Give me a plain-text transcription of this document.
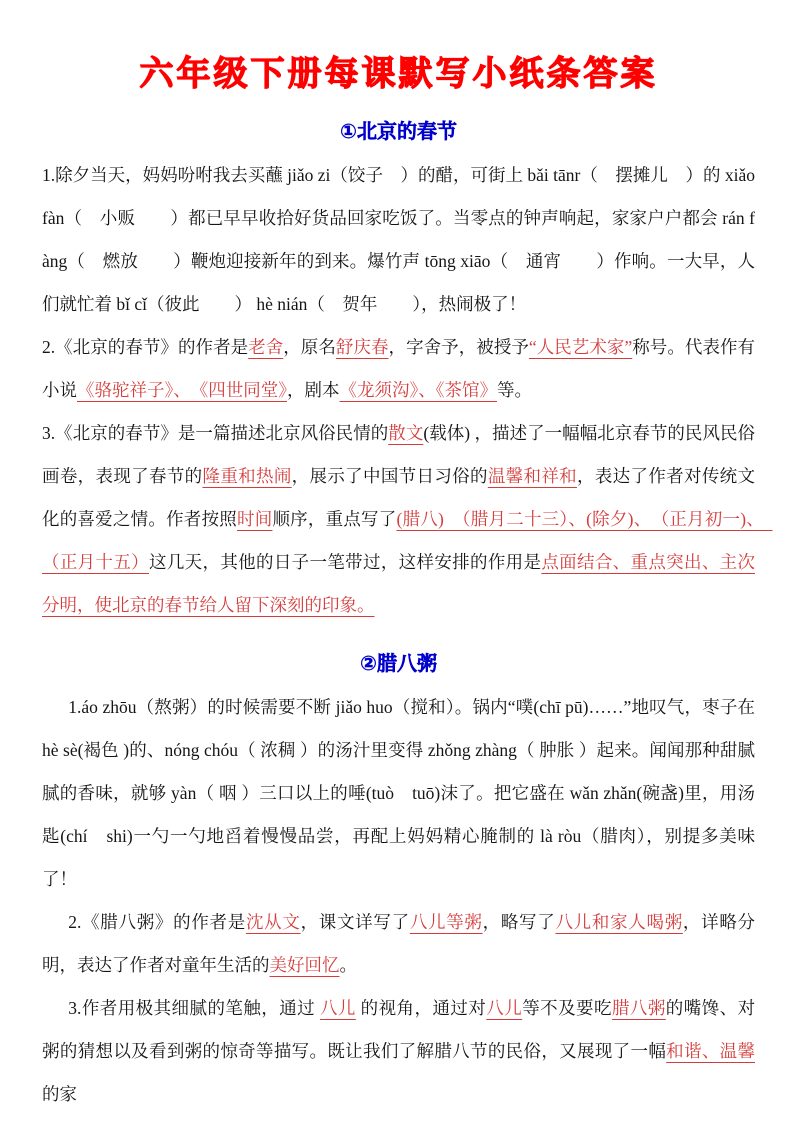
六年级下册每课默写小纸条答案
①北京的春节

1.除夕当天，妈妈吩咐我去买蘸 jiǎo zi（饺子　）的醋，可街上 bǎi tānr（　摆摊儿　）的 xiǎo fàn（　小贩　　）都已早早收拾好货品回家吃饭了。当零点的钟声响起，家家户户都会 rán fàng（　燃放　　）鞭炮迎接新年的到来。爆竹声 tōng xiāo（　通宵　　）作响。一大早，人们就忙着 bǐ cǐ（彼此　　） hè nián（　贺年　　），热闹极了！

2.《北京的春节》的作者是老舍，原名舒庆春，字舍予，被授予“人民艺术家”称号。代表作有小说《骆驼祥子》、　《四世同堂》，剧本《龙须沟》、《茶馆》等。

3.《北京的春节》是一篇描述北京风俗民情的散文(载体) ，描述了一幅幅北京春节的民风民俗画卷，表现了春节的隆重和热闹，展示了中国节日习俗的温馨和祥和，表达了作者对传统文化的喜爱之情。作者按照时间顺序，重点写了(腊八)　（腊月二十三）、(除夕)、　（正月初一)、　（正月十五）这几天，其他的日子一笔带过，这样安排的作用是点面结合、重点突出、主次分明，使北京的春节给人留下深刻的印象。

②腊八粥

1.áo zhōu（熬粥）的时候需要不断 jiǎo huo（搅和）。锅内“噗(chī pū)……”地叹气，枣子在 hè sè(褐色 )的、nóng chóu（ 浓稠 ）的汤汁里变得 zhǒng zhàng（ 肿胀 ）起来。闻闻那种甜腻腻的香味，就够 yàn（ 咽 ）三口以上的唾(tuò　tuō)沫了。把它盛在 wǎn zhǎn(碗盏)里，用汤匙(chí　shi)一勺一勺地舀着慢慢品尝，再配上妈妈精心腌制的 là ròu（腊肉），别提多美味了！

2.《腊八粥》的作者是沈从文，课文详写了八儿等粥，略写了八儿和家人喝粥，详略分明，表达了作者对童年生活的美好回忆。

3.作者用极其细腻的笔触，通过 八儿 的视角，通过对八儿等不及要吃腊八粥的嘴馋、对粥的猜想以及看到粥的惊奇等描写。既让我们了解腊八节的民俗，又展现了一幅和谐、温馨的家
